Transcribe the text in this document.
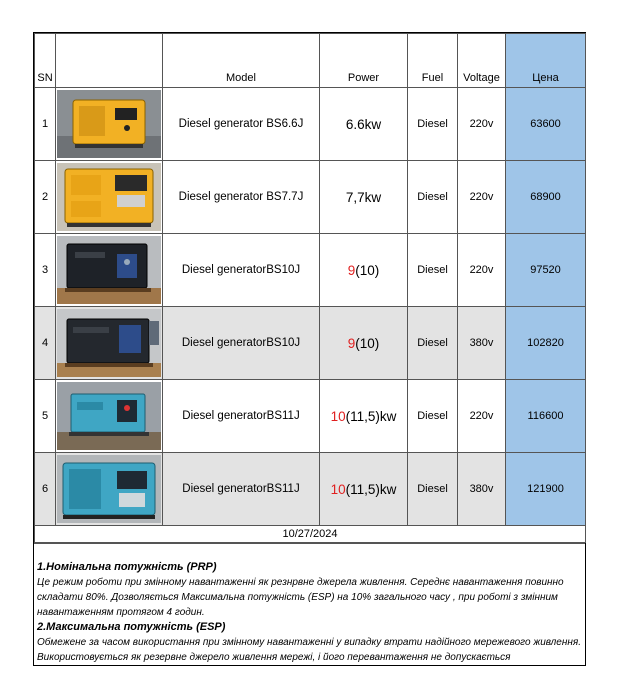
SN		Model	Power	Fuel	Voltage	Цена
1		Diesel generator BS6.6J	6.6kw	Diesel	220v	63600
2		Diesel generator BS7.7J	7,7kw	Diesel	220v	68900
3		Diesel generatorBS10J	9(10)	Diesel	220v	97520
4		Diesel generatorBS10J	9(10)	Diesel	380v	102820
5		Diesel generatorBS11J	10(11,5)kw	Diesel	220v	116600
6		Diesel generatorBS11J	10(11,5)kw	Diesel	380v	121900
10/27/2024						
1.Номінальна потужність (PRP)
Це режим роботи при змінному навантаженні як резнрвне джерела живлення. Середнє навантаження повинно складати 80%. Дозволяється Максимальна потужність (ESP) на 10% загального часу , при роботі з змінним навантаженням протягом 4 годин.
2.Максимальна потужність (ESP)
Обмежене за часом використання при змінному навантаженні у випадку втрати надійного мережевого живлення. Використовується як резервне джерело живлення мережі, і його перевантаження не допускається
